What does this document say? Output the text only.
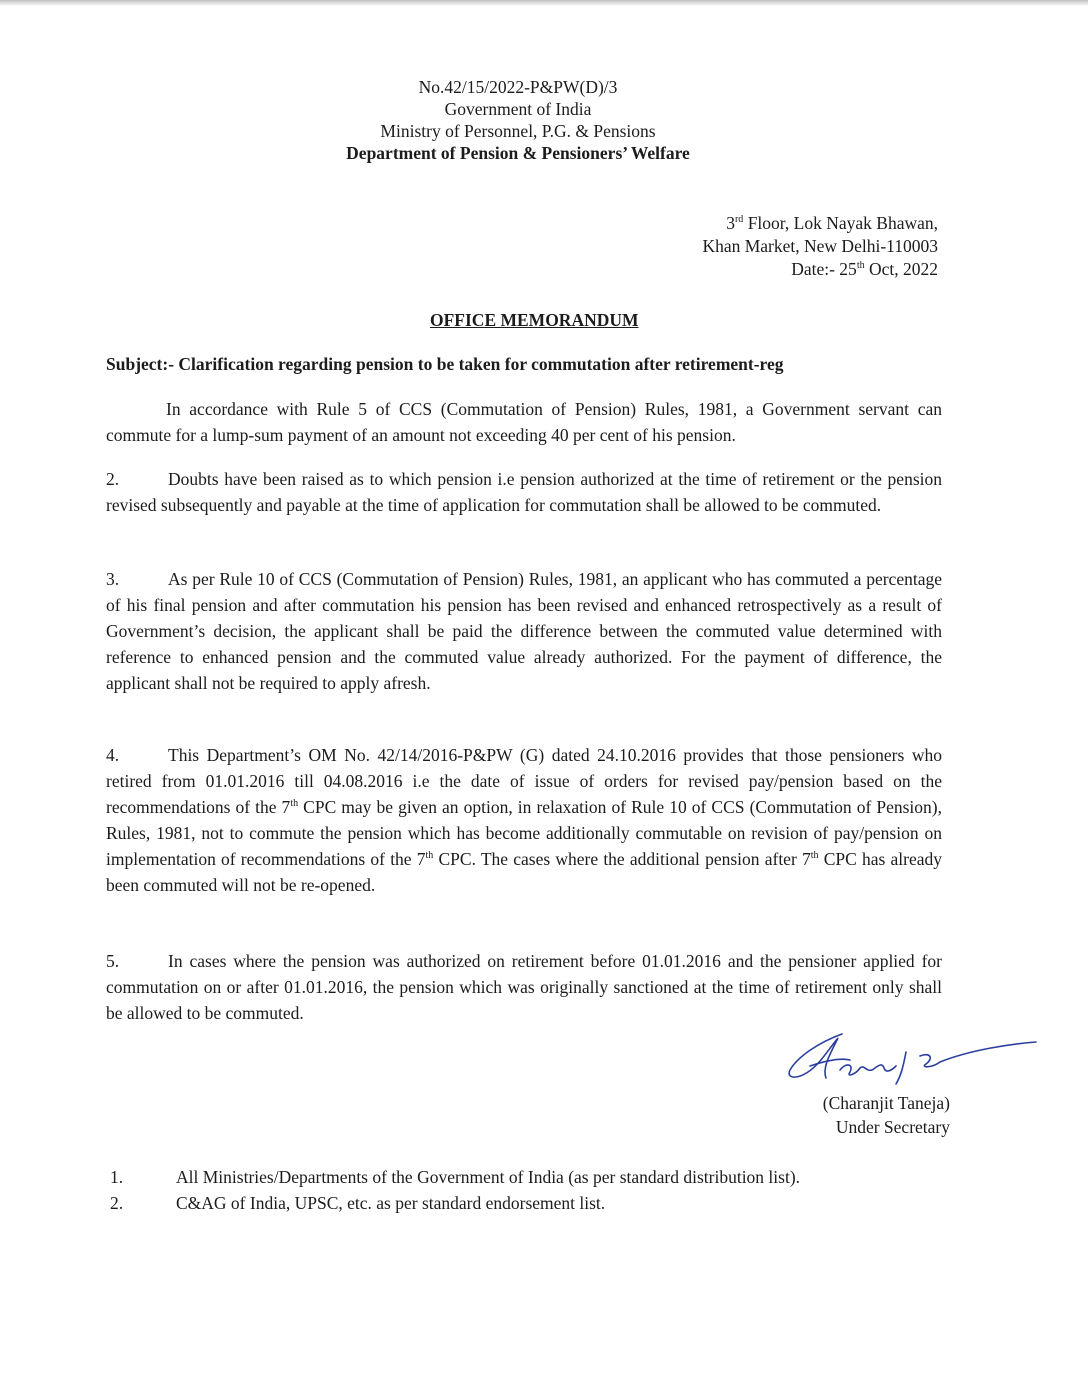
No.42/15/2022-P&PW(D)/3
Government of India
Ministry of Personnel, P.G. & Pensions
Department of Pension & Pensioners’ Welfare
3rd Floor, Lok Nayak Bhawan,
Khan Market, New Delhi-110003
Date:- 25th Oct, 2022
OFFICE MEMORANDUM
Subject:- Clarification regarding pension to be taken for commutation after retirement-reg

In accordance with Rule 5 of CCS (Commutation of Pension) Rules, 1981, a Government servant can commute for a lump-sum payment of an amount not exceeding 40 per cent of his pension.

2.	Doubts have been raised as to which pension i.e pension authorized at the time of retirement or the pension revised subsequently and payable at the time of application for commutation shall be allowed to be commuted.

3.	As per Rule 10 of CCS (Commutation of Pension) Rules, 1981, an applicant who has commuted a percentage of his final pension and after commutation his pension has been revised and enhanced retrospectively as a result of Government’s decision, the applicant shall be paid the difference between the commuted value determined with reference to enhanced pension and the commuted value already authorized. For the payment of difference, the applicant shall not be required to apply afresh.

4.	This Department’s OM No. 42/14/2016-P&PW (G) dated 24.10.2016 provides that those pensioners who retired from 01.01.2016 till 04.08.2016 i.e the date of issue of orders for revised pay/pension based on the recommendations of the 7th CPC may be given an option, in relaxation of Rule 10 of CCS (Commutation of Pension), Rules, 1981, not to commute the pension which has become additionally commutable on revision of pay/pension on implementation of recommendations of the 7th CPC. The cases where the additional pension after 7th CPC has already been commuted will not be re-opened.

5.	In cases where the pension was authorized on retirement before 01.01.2016 and the pensioner applied for commutation on or after 01.01.2016, the pension which was originally sanctioned at the time of retirement only shall be allowed to be commuted.

(Charanjit Taneja)
Under Secretary
1.	All Ministries/Departments of the Government of India (as per standard distribution list).
2.	C&AG of India, UPSC, etc. as per standard endorsement list.
